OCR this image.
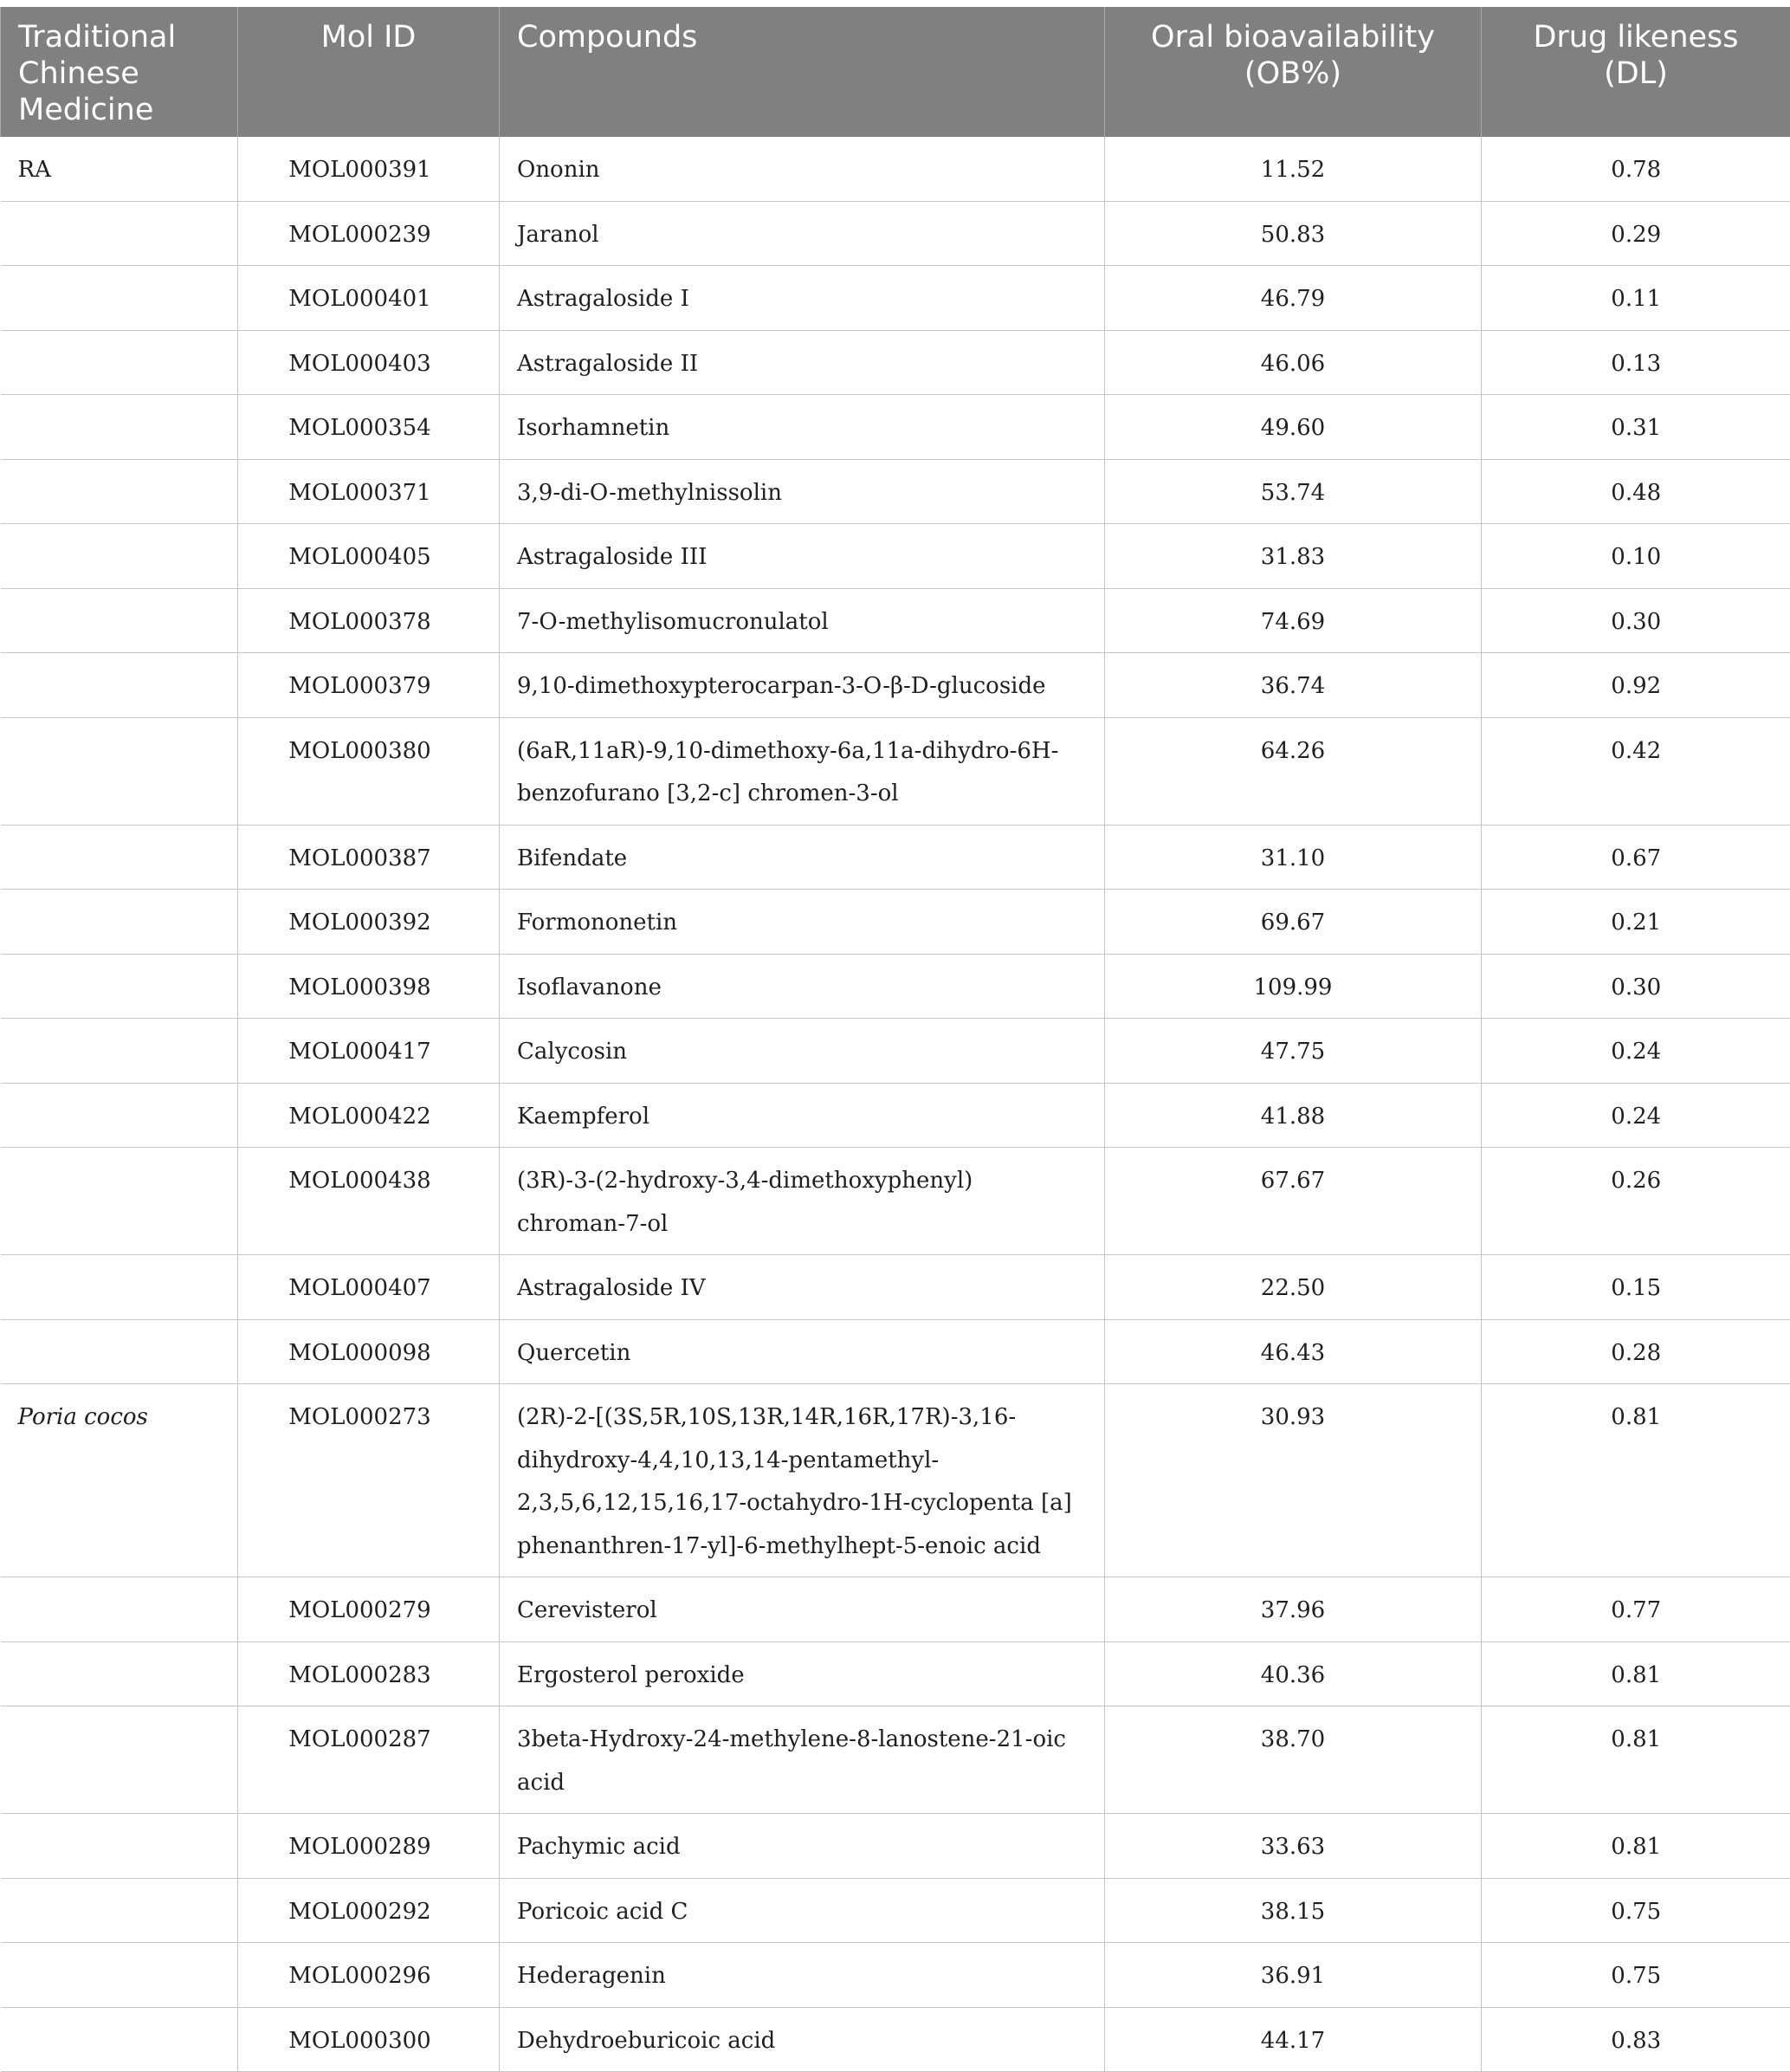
Traditional Chinese Medicine	Mol ID	Compounds	Oral bioavailability (OB%)	Drug likeness (DL)
RA	MOL000391	Ononin	11.52	0.78
	MOL000239	Jaranol	50.83	0.29
	MOL000401	Astragaloside I	46.79	0.11
	MOL000403	Astragaloside II	46.06	0.13
	MOL000354	Isorhamnetin	49.60	0.31
	MOL000371	3,9-di-O-methylnissolin	53.74	0.48
	MOL000405	Astragaloside III	31.83	0.10
	MOL000378	7-O-methylisomucronulatol	74.69	0.30
	MOL000379	9,10-dimethoxypterocarpan-3-O-β-D-glucoside	36.74	0.92
	MOL000380	(6aR,11aR)-9,10-dimethoxy-6a,11a-dihydro-6H-benzofurano [3,2-c] chromen-3-ol	64.26	0.42
	MOL000387	Bifendate	31.10	0.67
	MOL000392	Formononetin	69.67	0.21
	MOL000398	Isoflavanone	109.99	0.30
	MOL000417	Calycosin	47.75	0.24
	MOL000422	Kaempferol	41.88	0.24
	MOL000438	(3R)-3-(2-hydroxy-3,4-dimethoxyphenyl) chroman-7-ol	67.67	0.26
	MOL000407	Astragaloside IV	22.50	0.15
	MOL000098	Quercetin	46.43	0.28
Poria cocos	MOL000273	(2R)-2-[(3S,5R,10S,13R,14R,16R,17R)-3,16-dihydroxy-4,4,10,13,14-pentamethyl-2,3,5,6,12,15,16,17-octahydro-1H-cyclopenta [a] phenanthren-17-yl]-6-methylhept-5-enoic acid	30.93	0.81
	MOL000279	Cerevisterol	37.96	0.77
	MOL000283	Ergosterol peroxide	40.36	0.81
	MOL000287	3beta-Hydroxy-24-methylene-8-lanostene-21-oic acid	38.70	0.81
	MOL000289	Pachymic acid	33.63	0.81
	MOL000292	Poricoic acid C	38.15	0.75
	MOL000296	Hederagenin	36.91	0.75
	MOL000300	Dehydroeburicoic acid	44.17	0.83
